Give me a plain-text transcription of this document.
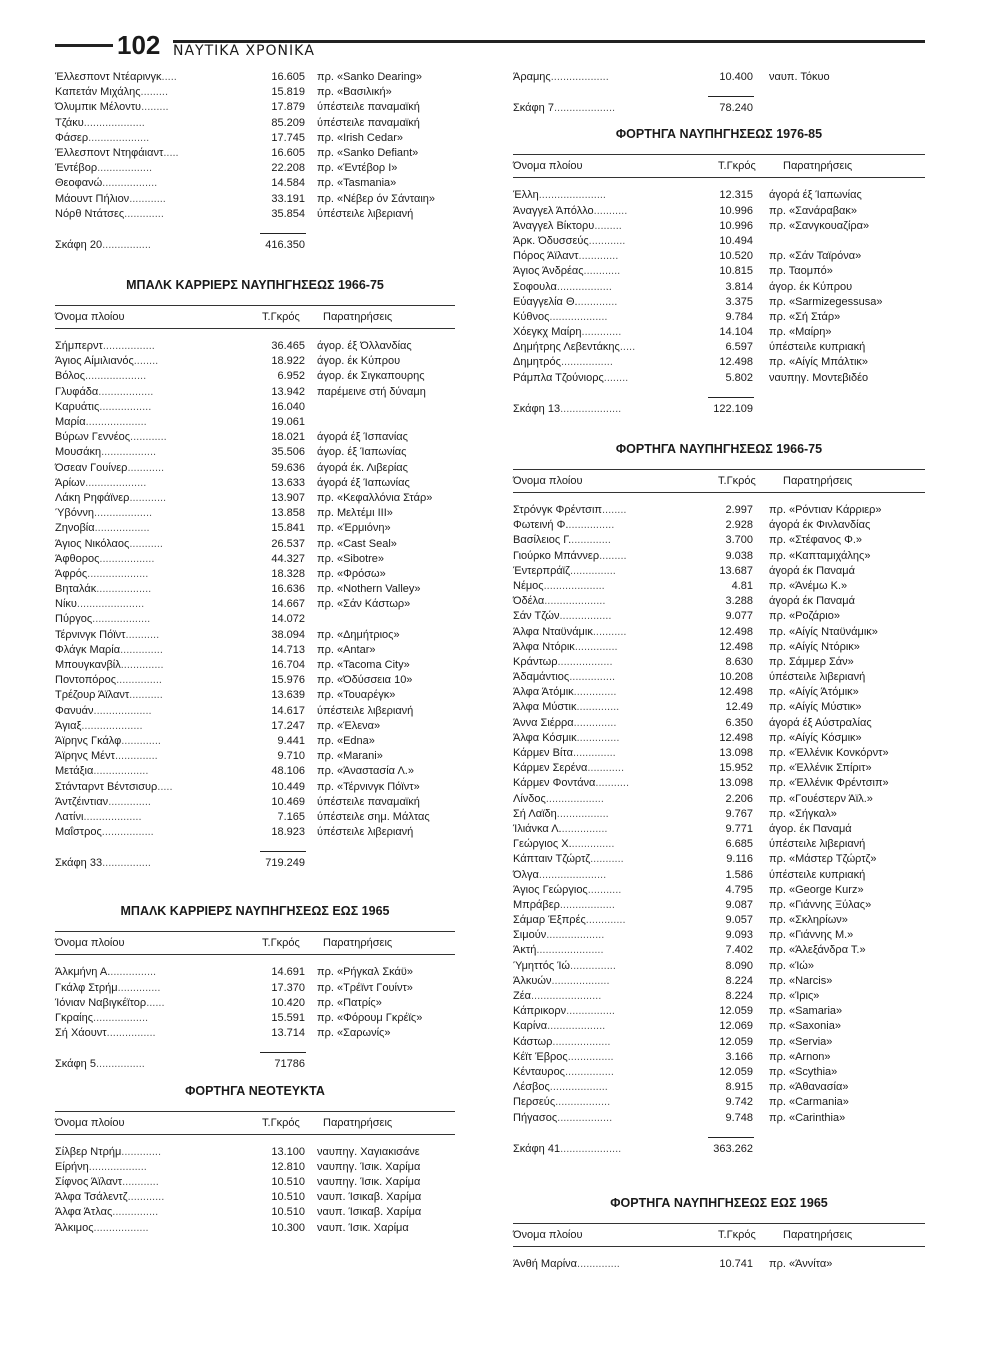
102 ΝΑΥΤΙΚΑ ΧΡΟΝΙΚΑ
Έλλεσποντ Ντέαρινγκ.....	16.605 πρ. «Sanko Dearing»
Καπετάν Μιχάλης.........	15.819 πρ. «Βασιλική»
Όλυμπικ Μέλοντυ.........	17.879 ύπέστειλε παναμαϊκή
Τζάκυ....................	85.209 ύπέστειλε παναμαϊκή
Φάσερ....................	17.745 πρ. «Irish Cedar»
Έλλεσποντ Ντηφάιαντ.....	16.605 πρ. «Sanko Defiant»
Έντέβορ..................	22.208 πρ. «Έντέβορ Ι»
Θεοφανώ..................	14.584 πρ. «Tasmania»
Μάουντ Πήλιον............	33.191 πρ. «Νέβερ όν Σάνταιη»
Νόρθ Ντάτσες.............	35.854 ύπέστειλε λιβεριανή
Σκάφη 20................	416.350
ΜΠΑΛΚ ΚΑΡΡΙΕΡΣ ΝΑΥΠΗΓΗΣΕΩΣ 1966-75
Όνομα πλοίου	Τ.Γκρός Παρατηρήσεις
Σήμπερντ.................	36.465 άγορ. έξ Όλλανδίας
Άγιος Αίμιλιανός........	18.922 άγορ. έκ Κύπρου
Βόλος....................	6.952 άγορ. έκ Σιγκαπουρης
Γλυφάδα..................	13.942 παρέμεινε στή δύναμη
Καρυάτις.................	16.040
Μαρία....................	19.061
Βύρων Γεννέος............	18.021 άγορά έξ Ίσπανίας
Μουσάκη..................	35.506 άγορ. έξ Ίαπωνίας
Όσεαν Γουίνερ............	59.636 άγορά έκ. Λιβερίας
Άρίων....................	13.633 άγορά έξ Ίαπωνίας
Λάκη Ρηφάϊνερ............	13.907 πρ. «Κεφαλλόνια Στάρ»
Ύβόννη...................	13.858 πρ. Μελτέμι ΙΙΙ»
Ζηνοβία..................	15.841 πρ. «Έρμιόνη»
Άγιος Νικόλαος...........	26.537 πρ. «Cast Seal»
Άφθορος..................	44.327 πρ. «Sibotre»
Άφρός....................	18.328 πρ. «Φρόσω»
Βηταλάκ..................	16.636 πρ. «Nothern Valley»
Νίκυ......................	14.667 πρ. «Σάν Κάστωρ»
Πύργος...................	14.072
Τέρνινγκ Πόϊντ...........	38.094 πρ. «Δημήτριος»
Φλάγκ Μαρία..............	14.713 πρ. «Antar»
Μπουγκανβίλ..............	16.704 πρ. «Tacoma City»
Ποντοπόρος...............	15.976 πρ. «Όδύσσεια 10»
Τρέζουρ Άϊλαντ...........	13.639 πρ. «Τουαρέγκ»
Φανυάν...................	14.617 ύπέστειλε λιβεριανή
Άγιαξ....................	17.247 πρ. «Έλενα»
Άϊρηνς Γκάλφ.............	9.441 πρ. «Edna»
Άϊρηνς Μέντ..............	9.710 πρ. «Marani»
Μετάξια..................	48.106 πρ. «Άναστασία Λ.»
Στάνταρντ Βέντσισυρ.....	10.449 πρ. «Τέρνινγκ Πόϊντ»
Άντζέιντιαν..............	10.469 ύπέστειλε παναμαϊκή
Λατίνι...................	7.165 ύπέστειλε σημ. Μάλτας
Μαΐστρος.................	18.923 ύπέστειλε λιβεριανή
Σκάφη 33................	719.249
ΜΠΑΛΚ ΚΑΡΡΙΕΡΣ ΝΑΥΠΗΓΗΣΕΩΣ ΕΩΣ 1965
Όνομα πλοίου	Τ.Γκρός Παρατηρήσεις
Άλκμήνη Α................	14.691 πρ. «Ρήγκαλ Σκάϋ»
Γκάλφ Στρήμ..............	17.370 πρ. «Τρέϊντ Γουίντ»
Ίόνιαν Ναβιγκέϊτορ......	10.420 πρ. «Πατρίς»
Γκραίης..................	15.591 πρ. «Φόρουμ Γκρέϊς»
Σή Χάουντ................	13.714 πρ. «Σαρωνίς»
Σκάφη 5................	71786
ΦΟΡΤΗΓΑ ΝΕΟΤΕΥΚΤΑ
Όνομα πλοίου	Τ.Γκρός Παρατηρήσεις
Σίλβερ Ντρήμ.............	13.100 ναυπηγ. Χαγιακισάνε
Είρήνη...................	12.810 ναυπηγ. Ίσικ. Χαρίμα
Σίφνος Άϊλαντ............	10.510 ναυπηγ. Ίσικ. Χαρίμα
Άλφα Τσάλεντζ............	10.510 ναυπ. Ίσικαβ. Χαρίμα
Άλφα Άτλας...............	10.510 ναυπ. Ίσικαβ. Χαρίμα
Άλκιμος..................	10.300 ναυπ. Ίσικ. Χαρίμα
Άραμης...................	10.400 ναυπ. Τόκυο
Σκάφη 7....................	78.240
ΦΟΡΤΗΓΑ ΝΑΥΠΗΓΗΣΕΩΣ 1976-85
Όνομα πλοίου	Τ.Γκρός Παρατηρήσεις
Έλλη......................	12.315 άγορά έξ Ίαπωνίας
Άναγγελ Άπόλλο...........	10.996 πρ. «Σανάραβακ»
Άναγγελ Βίκτορυ.........	10.996 πρ. «Σανγκουαζίρα»
Άρκ. Όδυσσεύς............	10.494
Πόρος Άϊλαντ.............	10.520 πρ. «Σάν Ταϊρόνα»
Άγιος Άνδρέας............	10.815 πρ. Ταομπό»
Σοφουλα..................	3.814 άγορ. έκ Κύπρου
Εύαγγελία Θ..............	3.375 πρ. «Sarmizegessusa»
Κύθνος...................	9.784 πρ. «Σή Στάρ»
Χόεγκχ Μαίρη.............	14.104 πρ. «Μαίρη»
Δημήτρης Λεβεντάκης.....	6.597 ύπέστειλε κυπριακή
Δημητρός.................	12.498 πρ. «Αίγίς Μπάλτικ»
Ράμπλα Τζούνιορς........	5.802 ναυπηγ. Μοντεβιδέο
Σκάφη 13....................	122.109
ΦΟΡΤΗΓΑ ΝΑΥΠΗΓΗΣΕΩΣ 1966-75
Όνομα πλοίου	Τ.Γκρός Παρατηρήσεις
Στρόνγκ Φρέντσιπ........	2.997 πρ. «Ρόντιαν Κάρριερ»
Φωτεινή Φ................	2.928 άγορά έκ Φινλανδίας
Βασίλειος Γ..............	3.700 πρ. «Στέφανος Φ.»
Γιούρκο Μπάννερ.........	9.038 πρ. «Καπταμιχάλης»
Έντερπράϊζ...............	13.687 άγορά έκ Παναμά
Νέμος....................	4.81 πρ. «Άνέμω Κ.»
Όδέλα....................	3.288 άγορά έκ Παναμά
Σάν Τζών.................	9.077 πρ. «Ροζάριο»
Άλφα Νταϋνάμικ...........	12.498 πρ. «Αίγίς Νταϋνάμικ»
Άλφα Ντόρικ..............	12.498 πρ. «Αίγίς Ντόρικ»
Κράντωρ..................	8.630 πρ. Σάμμερ Σάν»
Άδαμάντιος...............	10.208 ύπέστειλε λιβεριανή
Άλφα Άτόμικ..............	12.498 πρ. «Αίγίς Άτόμικ»
Άλφα Μύστικ..............	12.49 πρ. «Αίγίς Μύστικ»
Άννα Σιέρρα..............	6.350 άγορά έξ Αύστραλίας
Άλφα Κόσμικ..............	12.498 πρ. «Αίγίς Κόσμικ»
Κάρμεν Βίτα..............	13.098 πρ. «Έλλένικ Κονκόρντ»
Κάρμεν Σερένα............	15.952 πρ. «Έλλένικ Σπίριτ»
Κάρμεν Φοντάνα...........	13.098 πρ. «Έλλένικ Φρέντσιπ»
Λίνδος...................	2.206 πρ. «Γουέστερν Άϊλ.»
Σή Λαϊδη.................	9.767 πρ. «Σήγκαλ»
Ίλιάνκα Λ................	9.771 άγορ. έκ Παναμά
Γεώργιος Χ...............	6.685 ύπέστειλε λιβεριανή
Κάπταιν Τζώρτζ...........	9.116 πρ. «Μάστερ Τζώρτζ»
Όλγα......................	1.586 ύπέστειλε κυπριακή
Άγιος Γεώργιος...........	4.795 πρ. «George Kurz»
Μπράβερ..................	9.087 πρ. «Γιάννης Ξύλας»
Σάμαρ Έξπρές.............	9.057 πρ. «Σκληρίων»
Σιμούν...................	9.093 πρ. «Γιάννης Μ.»
Άκτή......................	7.402 πρ. «Άλεξάνδρα Τ.»
Ύμηττός Ίώ...............	8.090 πρ. «Ίώ»
Άλκυών...................	8.224 πρ. «Narcis»
Ζέα.......................	8.224 πρ. «Ίρις»
Κάπρικορν................	12.059 πρ. «Samaria»
Καρίνα...................	12.069 πρ. «Saxonia»
Κάστωρ...................	12.059 πρ. «Servia»
Κέϊτ Έβρος...............	3.166 πρ. «Arnon»
Κένταυρος................	12.059 πρ. «Scythia»
Λέσβος...................	8.915 πρ. «Άθανασία»
Περσεύς..................	9.742 πρ. «Carmania»
Πήγασος..................	9.748 πρ. «Carinthia»
Σκάφη 41....................	363.262
ΦΟΡΤΗΓΑ ΝΑΥΠΗΓΗΣΕΩΣ ΕΩΣ 1965
Όνομα πλοίου	Τ.Γκρός Παρατηρήσεις
Άνθή Μαρίνα..............	10.741 πρ. «Άννίτα»
